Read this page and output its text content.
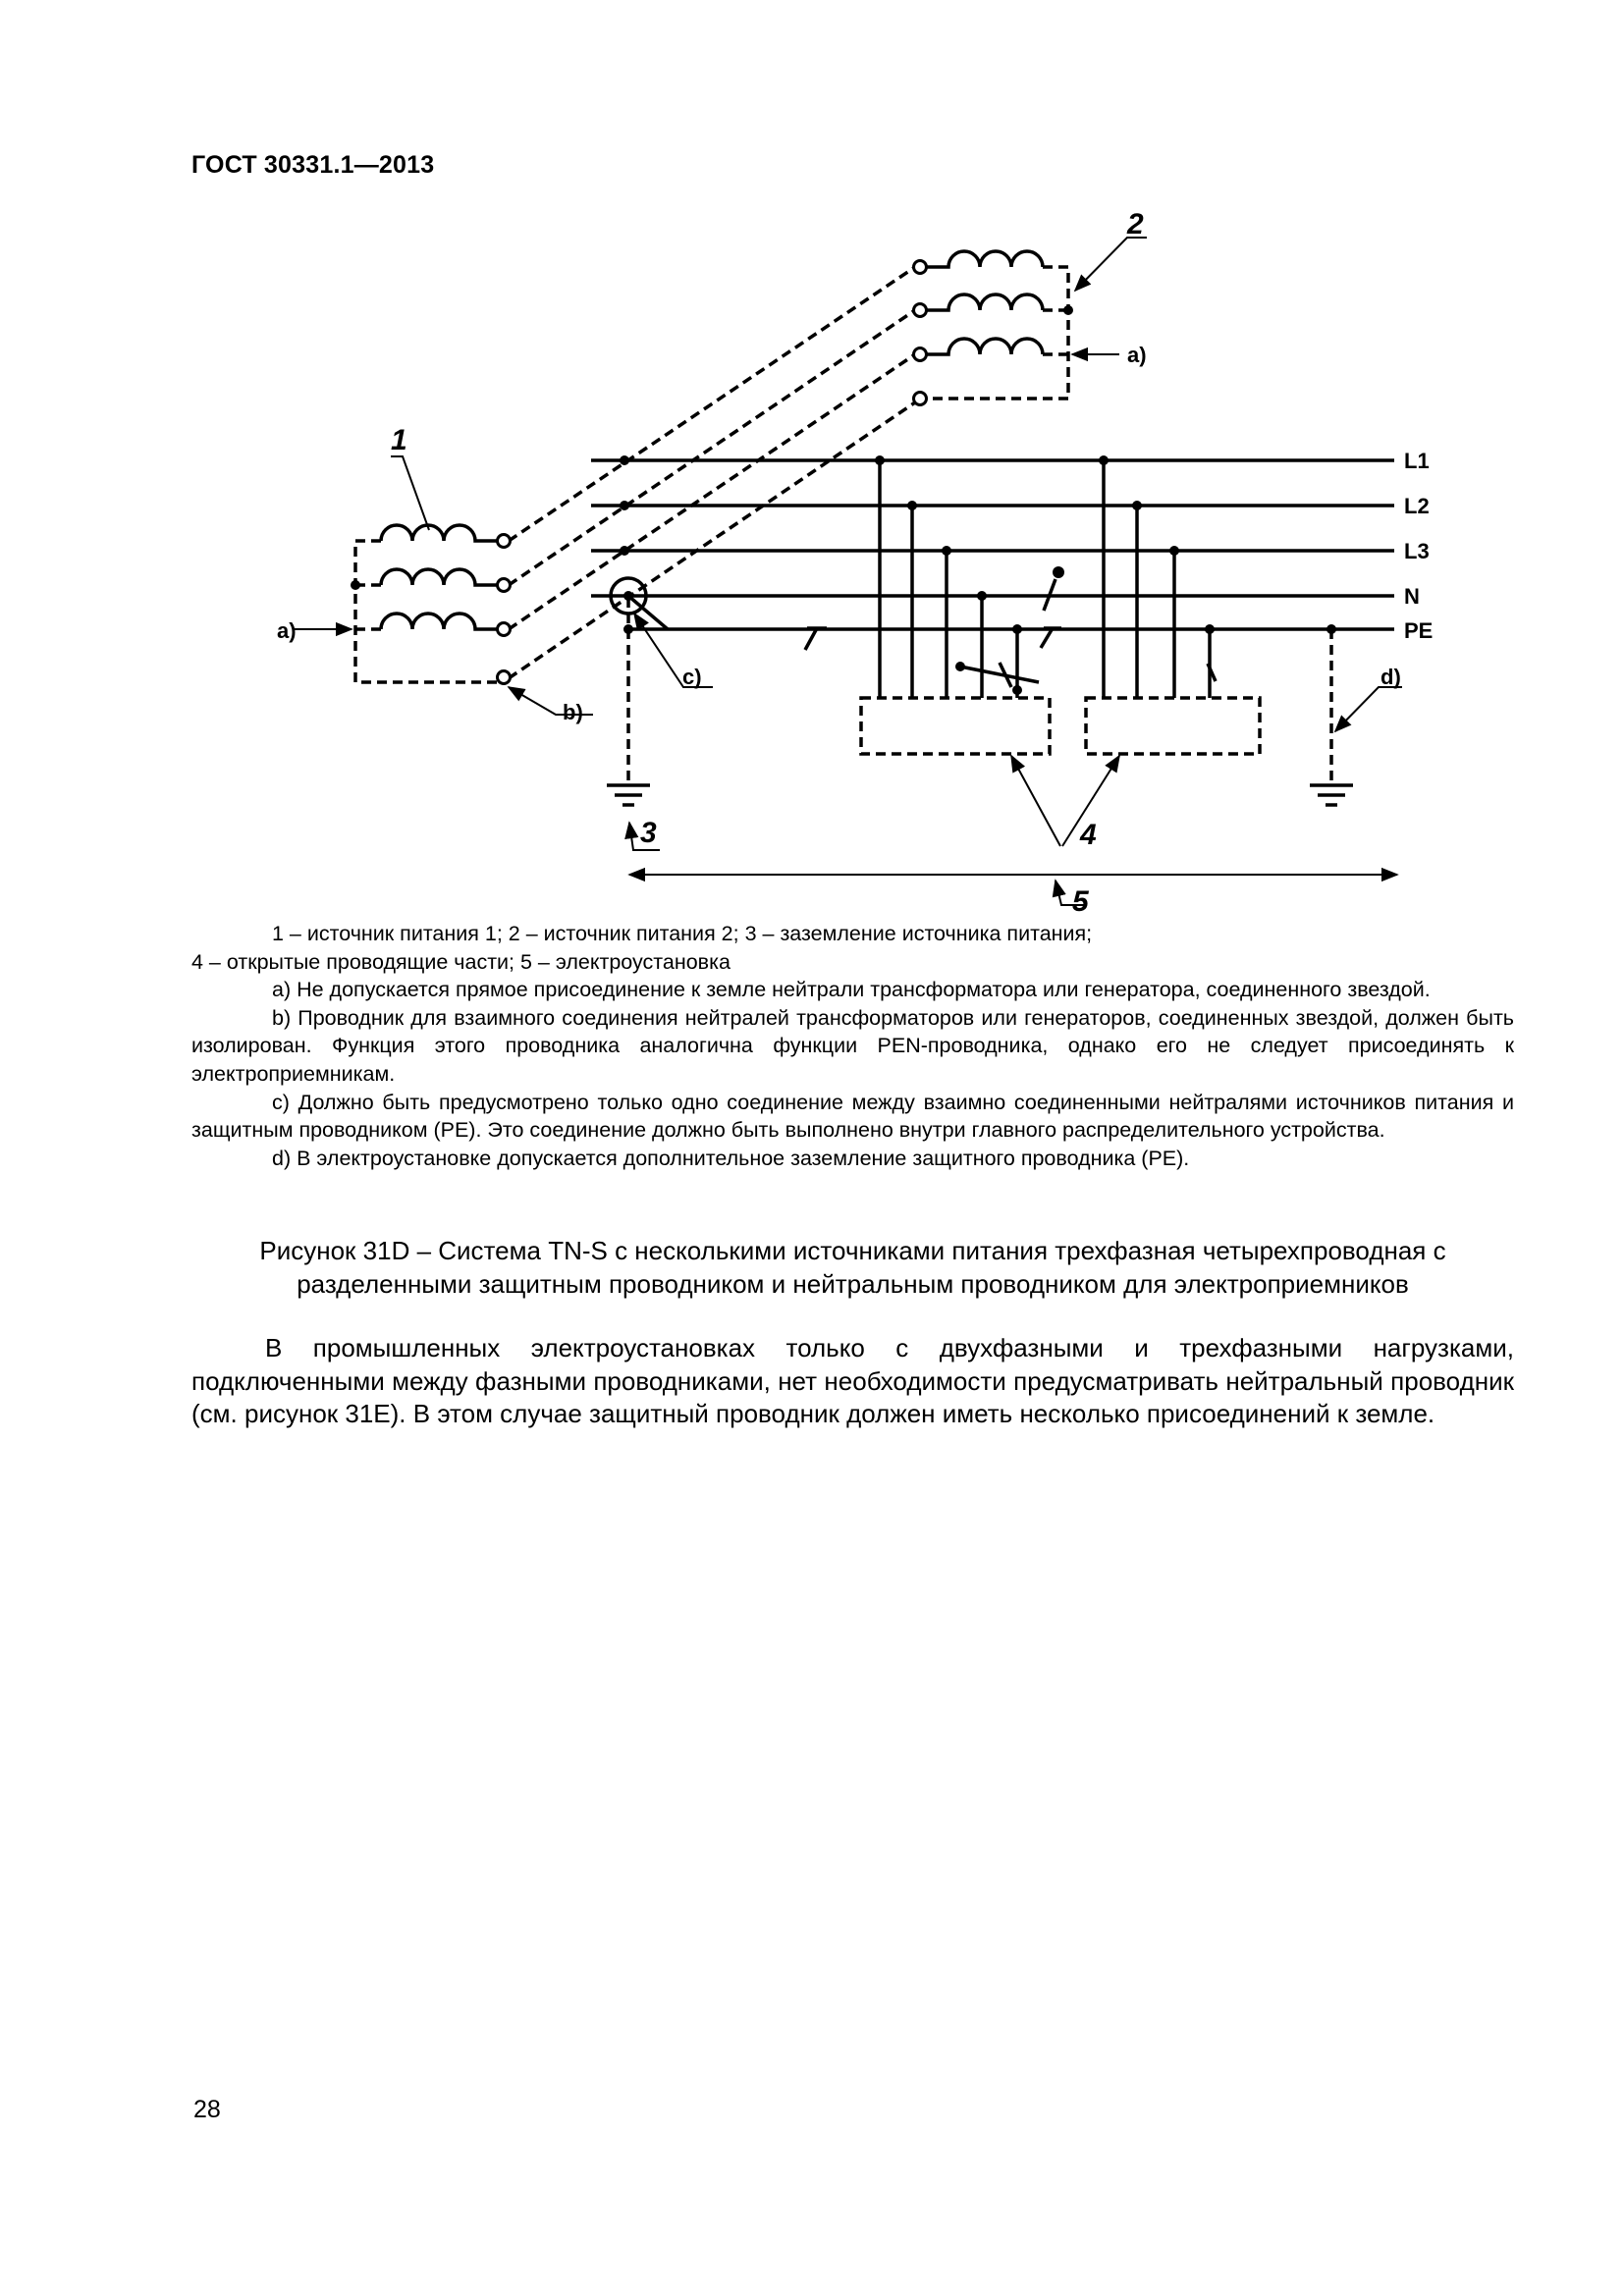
ГОСТ 30331.1—2013
L1
L2
L3
N
PE
1
2
3	4
5
a)
a)
b)
c)	d)

1 – источник питания 1; 2 – источник питания 2; 3 – заземление источника питания;

4 – открытые проводящие части; 5 – электроустановка

а) Не допускается прямое присоединение к земле нейтрали трансформатора или генератора, соединенного звездой.

b) Проводник для взаимного соединения нейтралей трансформаторов или генераторов, соединенных звездой, должен быть изолирован. Функция этого проводника аналогична функции PEN-проводника, однако его не следует присоединять к электроприемникам.

c) Должно быть предусмотрено только одно соединение между взаимно соединенными нейтралями источников питания и защитным проводником (PE). Это соединение должно быть выполнено внутри главного распределительного устройства.

d) В электроустановке допускается дополнительное заземление защитного проводника (PE).

Рисунок 31D – Система TN-S с несколькими источниками питания трехфазная четырехпроводная с
разделенными защитным проводником и нейтральным проводником для электроприемников

В промышленных электроустановках только с двухфазными и трехфазными нагрузками, подключенными между фазными проводниками, нет необходимости предусматривать нейтральный проводник (см. рисунок 31E). В этом случае защитный проводник должен иметь несколько присоединений к земле.

28
